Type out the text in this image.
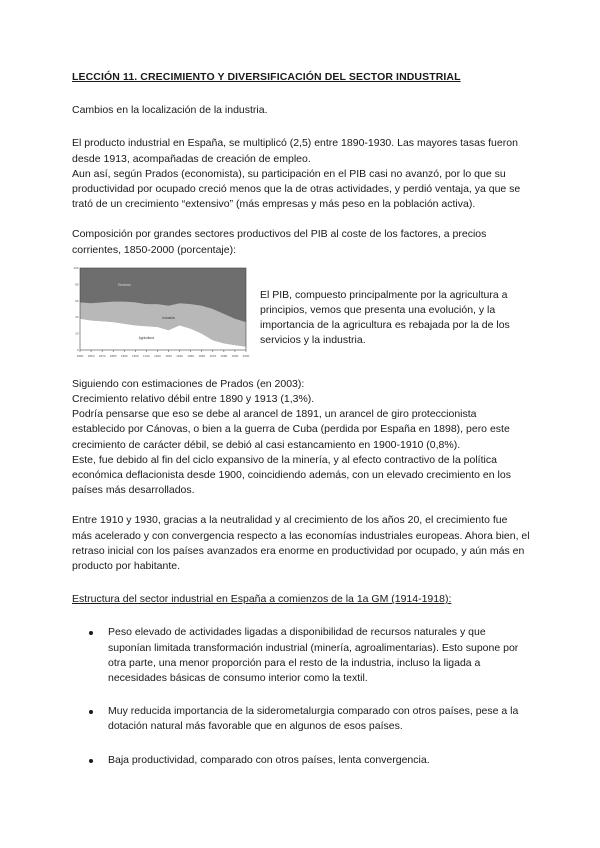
LECCIÓN 11. CRECIMIENTO Y DIVERSIFICACIÓN DEL SECTOR INDUSTRIAL

Cambios en la localización de la industria.

El producto industrial en España, se multiplicó (2,5) entre 1890-1930. Las mayores tasas fueron desde 1913, acompañadas de creación de empleo.

Aun así, según Prados (economista), su participación en el PIB casi no avanzó, por lo que su productividad por ocupado creció menos que la de otras actividades, y perdió ventaja, ya que se trató de un crecimiento “extensivo” (más empresas y más peso en la población activa).

Composición por grandes sectores productivos del PIB al coste de los factores, a precios corrientes, 1850-2000 (porcentaje):

1850 1860 1870 1880 1890 1900 1910 1920 1930 1940 1950 1960 1970 1980 1990 2000
0
20
40
60
80
100
Servicios
Industria
Agricultura

El PIB, compuesto principalmente por la agricultura a principios, vemos que presenta una evolución, y la importancia de la agricultura es rebajada por la de los servicios y la industria.

Siguiendo con estimaciones de Prados (en 2003):

Crecimiento relativo débil entre 1890 y 1913 (1,3%).

Podría pensarse que eso se debe al arancel de 1891, un arancel de giro proteccionista establecido por Cánovas, o bien a la guerra de Cuba (perdida por España en 1898), pero este crecimiento de carácter débil, se debió al casi estancamiento en 1900-1910 (0,8%).

Este, fue debido al fin del ciclo expansivo de la minería, y al efecto contractivo de la política económica deflacionista desde 1900, coincidiendo además, con un elevado crecimiento en los países más desarrollados.

Entre 1910 y 1930, gracias a la neutralidad y al crecimiento de los años 20, el crecimiento fue más acelerado y con convergencia respecto a las economías industriales europeas. Ahora bien, el retraso inicial con los países avanzados era enorme en productividad por ocupado, y aún más en producto por habitante.

Estructura del sector industrial en España a comienzos de la 1a GM (1914-1918):

Peso elevado de actividades ligadas a disponibilidad de recursos naturales y que suponían limitada transformación industrial (minería, agroalimentarias). Esto supone por otra parte, una menor proporción para el resto de la industria, incluso la ligada a necesidades básicas de consumo interior como la textil.
Muy reducida importancia de la siderometalurgia comparado con otros países, pese a la dotación natural más favorable que en algunos de esos países.
Baja productividad, comparado con otros países, lenta convergencia.
